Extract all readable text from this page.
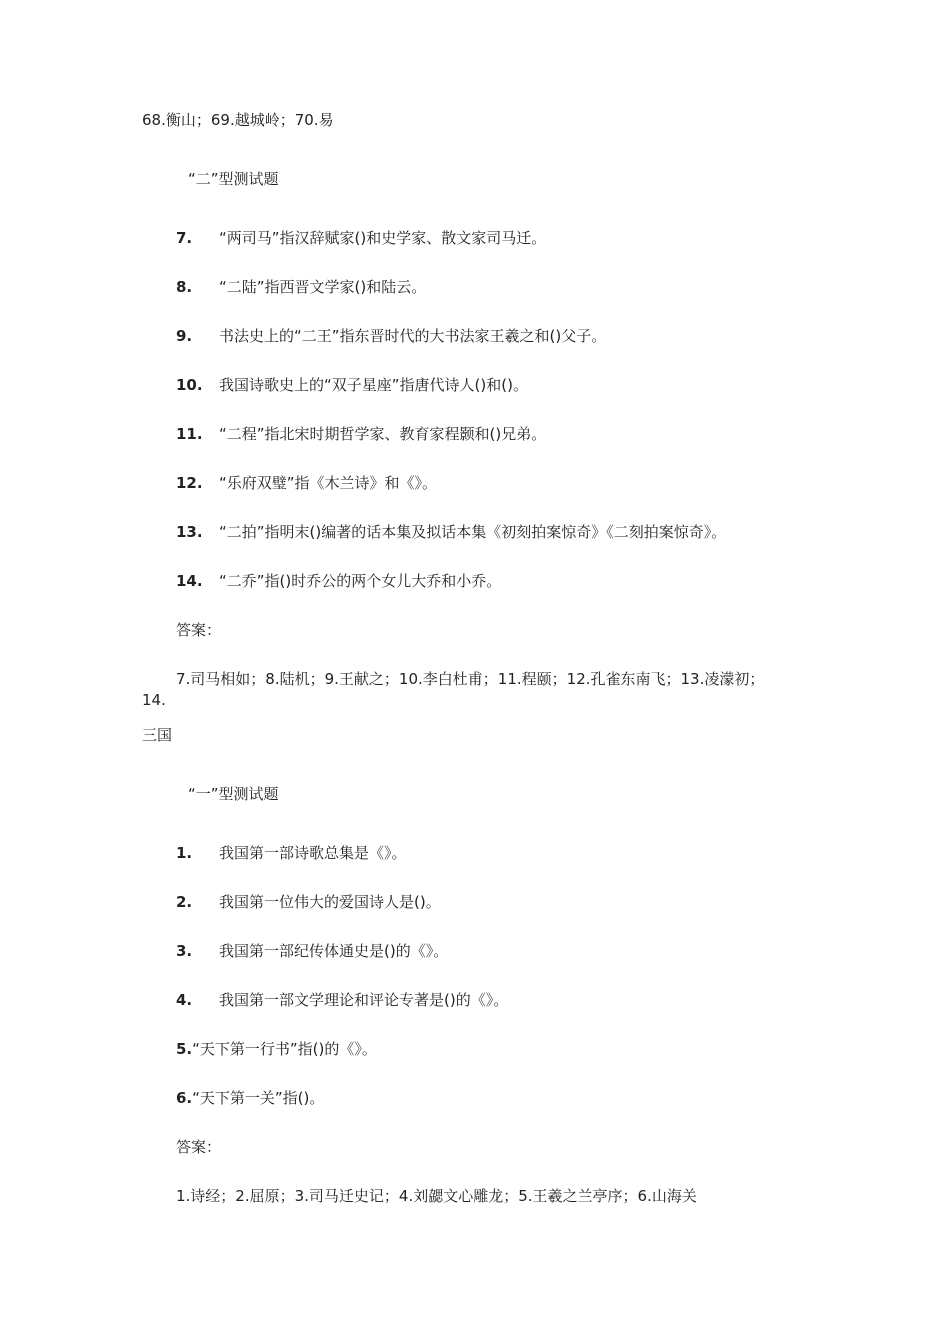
68.衡山；69.越城岭；70.易
“二”型测试题
7. “两司马”指汉辞赋家()和史学家、散文家司马迁。
8. “二陆”指西晋文学家()和陆云。
9. 书法史上的“二王”指东晋时代的大书法家王羲之和()父子。
10. 我国诗歌史上的“双子星座”指唐代诗人()和()。
11. “二程”指北宋时期哲学家、教育家程颢和()兄弟。
12. “乐府双璧”指《木兰诗》和《》。
13. “二拍”指明末()编著的话本集及拟话本集《初刻拍案惊奇》《二刻拍案惊奇》。
14. “二乔”指()时乔公的两个女儿大乔和小乔。
答案：
7.司马相如；8.陆机；9.王献之；10.李白杜甫；11.程颐；12.孔雀东南飞；13.凌濛初；
14.
三国
“一”型测试题
1. 我国第一部诗歌总集是《》。
2. 我国第一位伟大的爱国诗人是()。
3. 我国第一部纪传体通史是()的《》。
4. 我国第一部文学理论和评论专著是()的《》。
5.“天下第一行书”指()的《》。
6.“天下第一关”指()。
答案：
1.诗经；2.屈原；3.司马迁史记；4.刘勰文心雕龙；5.王羲之兰亭序；6.山海关
